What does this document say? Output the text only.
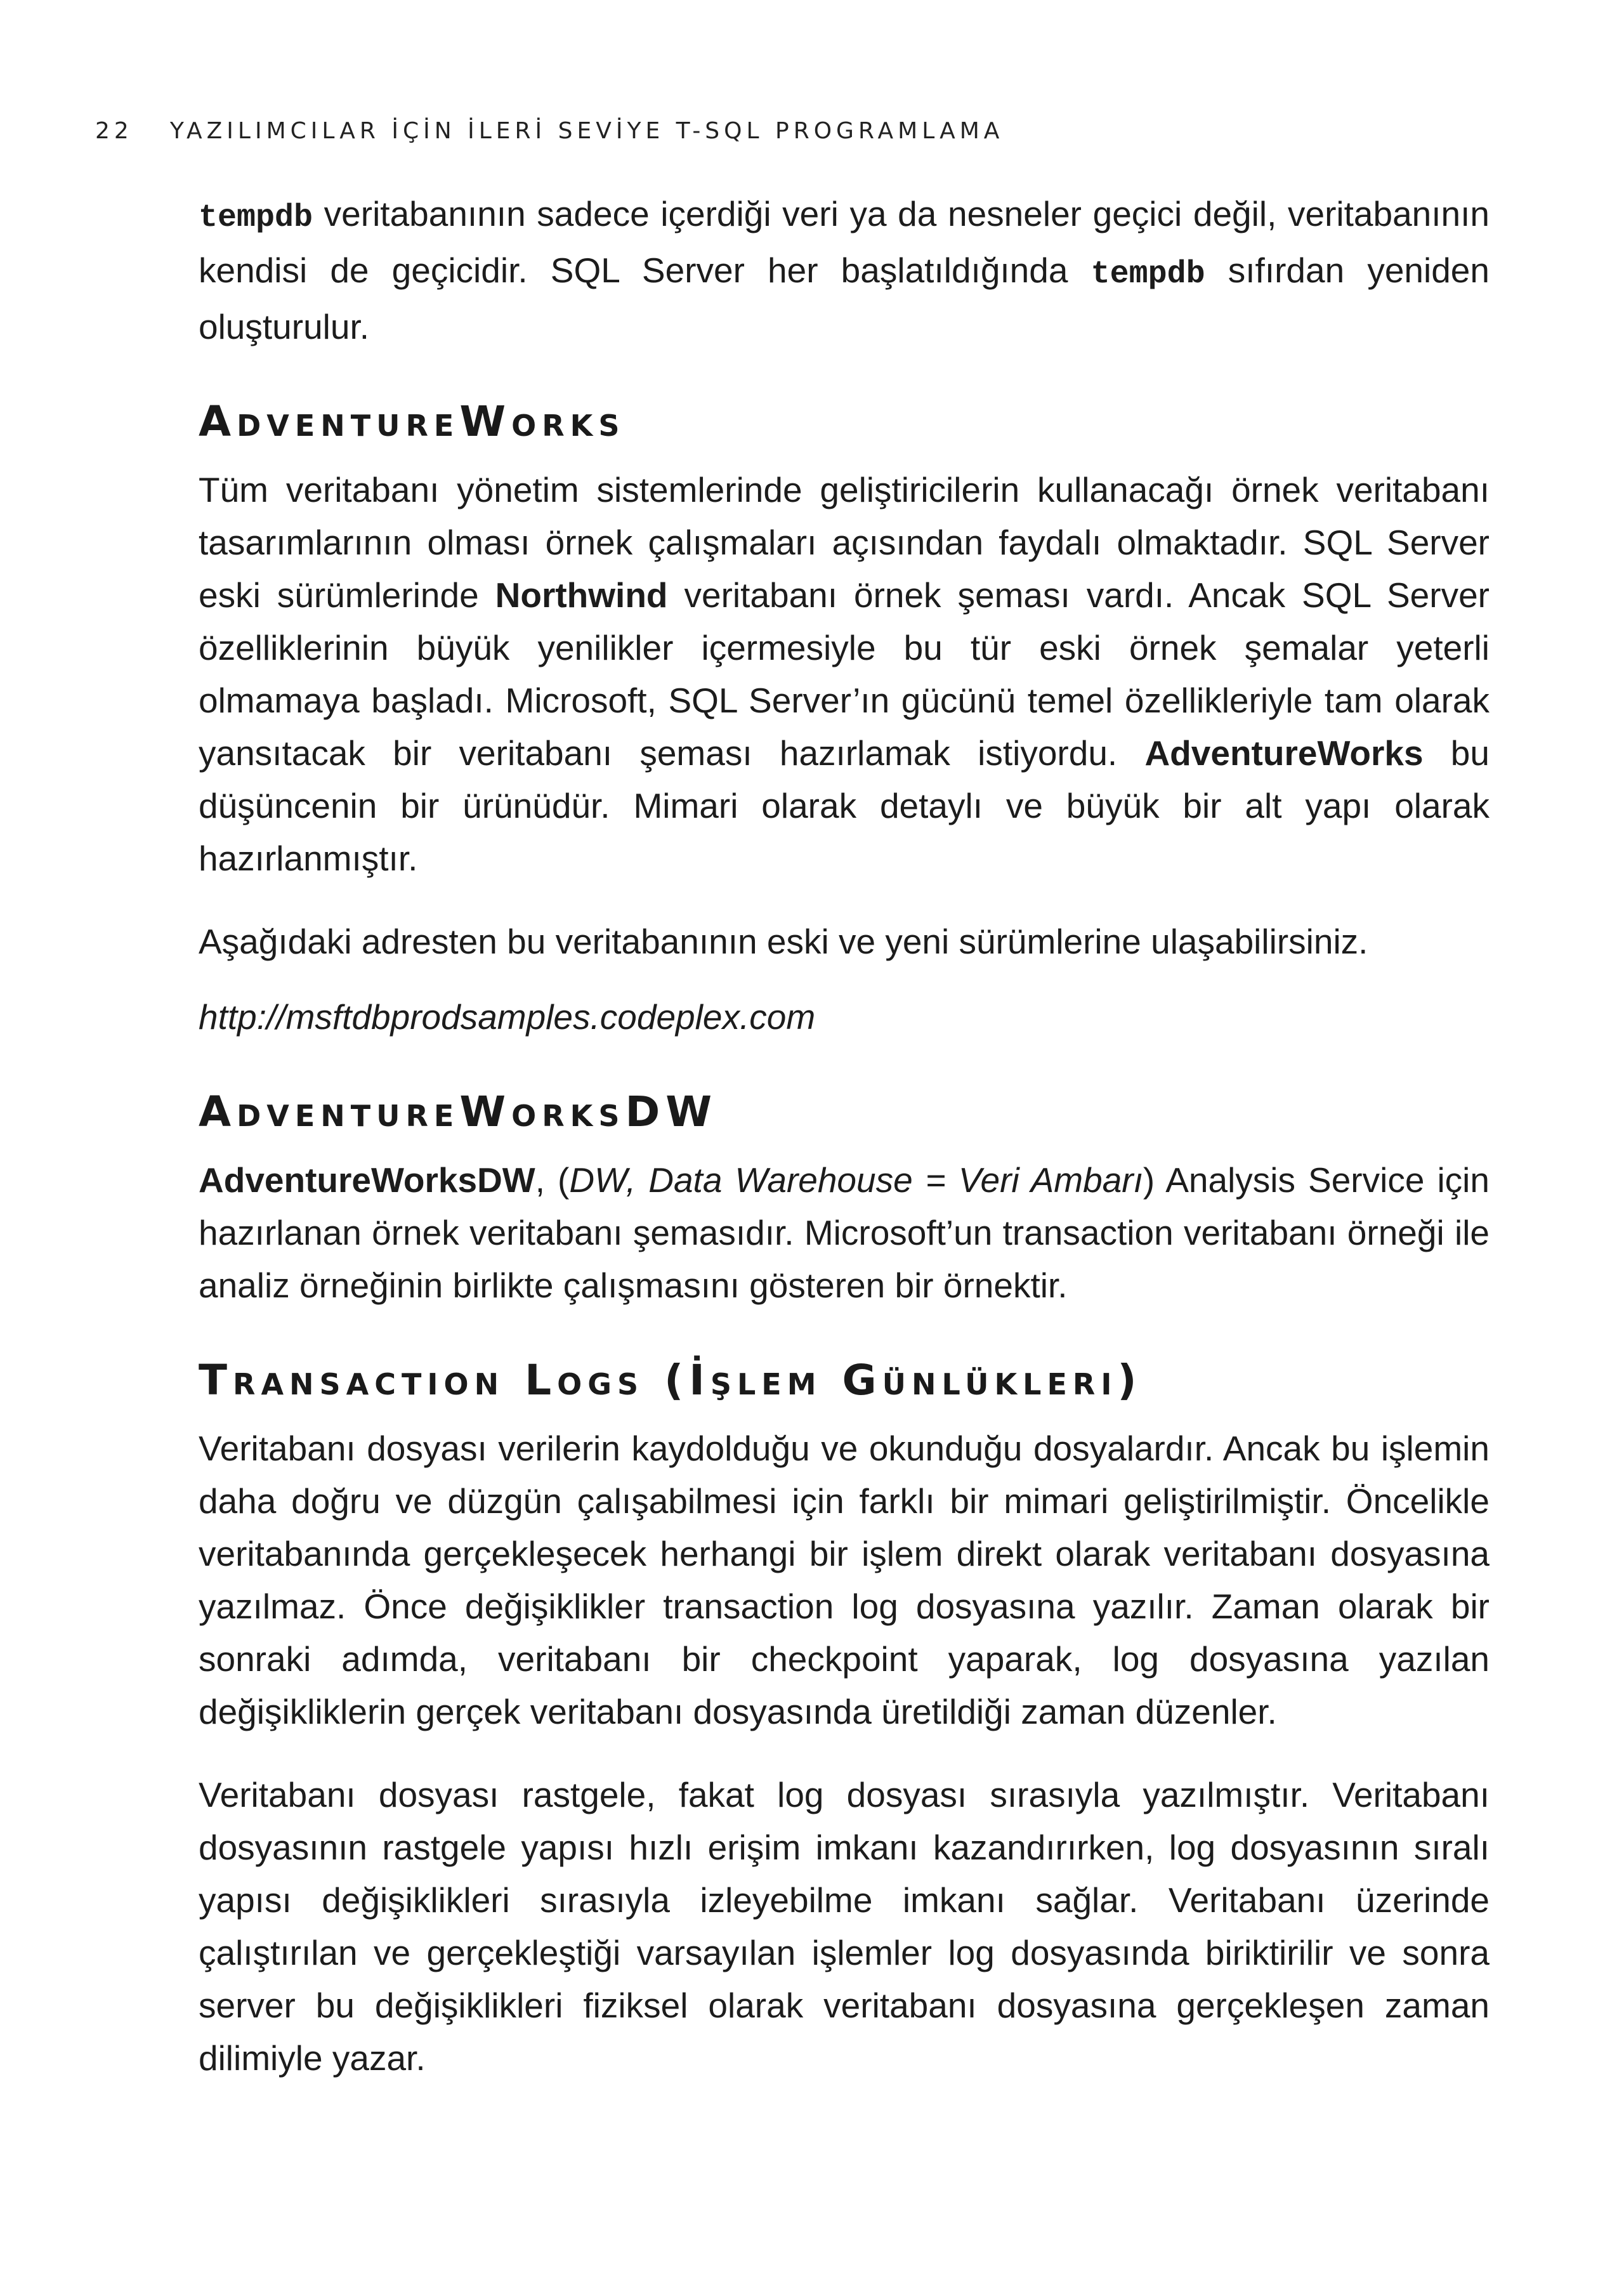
22 YAZILIMCILAR İÇİN İLERİ SEVİYE T-SQL PROGRAMLAMA

tempdb veritabanının sadece içerdiği veri ya da nesneler geçici değil, veritabanının kendisi de geçicidir. SQL Server her başlatıldığında tempdb sıfırdan yeniden oluşturulur.

AdventureWorks

Tüm veritabanı yönetim sistemlerinde geliştiricilerin kullanacağı örnek veritabanı tasarımlarının olması örnek çalışmaları açısından faydalı olmaktadır. SQL Server eski sürümlerinde Northwind veritabanı örnek şeması vardı. Ancak SQL Server özelliklerinin büyük yenilikler içermesiyle bu tür eski örnek şemalar yeterli olmamaya başladı. Microsoft, SQL Server’ın gücünü temel özellikleriyle tam olarak yansıtacak bir veritabanı şeması hazırlamak istiyordu. AdventureWorks bu düşüncenin bir ürünüdür. Mimari olarak detaylı ve büyük bir alt yapı olarak hazırlanmıştır.

Aşağıdaki adresten bu veritabanının eski ve yeni sürümlerine ulaşabilirsiniz.

http://msftdbprodsamples.codeplex.com

AdventureWorksDW

AdventureWorksDW, (DW, Data Warehouse = Veri Ambarı) Analysis Service için hazırlanan örnek veritabanı şemasıdır. Microsoft’un transaction veritabanı örneği ile analiz örneğinin birlikte çalışmasını gösteren bir örnektir.

Transaction Logs (İşlem Günlükleri)

Veritabanı dosyası verilerin kaydolduğu ve okunduğu dosyalardır. Ancak bu işlemin daha doğru ve düzgün çalışabilmesi için farklı bir mimari geliştirilmiştir. Öncelikle veritabanında gerçekleşecek herhangi bir işlem direkt olarak veritabanı dosyasına yazılmaz. Önce değişiklikler transaction log dosyasına yazılır. Zaman olarak bir sonraki adımda, veritabanı bir checkpoint yaparak, log dosyasına yazılan değişikliklerin gerçek veritabanı dosyasında üretildiği zaman düzenler.

Veritabanı dosyası rastgele, fakat log dosyası sırasıyla yazılmıştır. Veritabanı dosyasının rastgele yapısı hızlı erişim imkanı kazandırırken, log dosyasının sıralı yapısı değişiklikleri sırasıyla izleyebilme imkanı sağlar. Veritabanı üzerinde çalıştırılan ve gerçekleştiği varsayılan işlemler log dosyasında biriktirilir ve sonra server bu değişiklikleri fiziksel olarak veritabanı dosyasına gerçekleşen zaman dilimiyle yazar.
